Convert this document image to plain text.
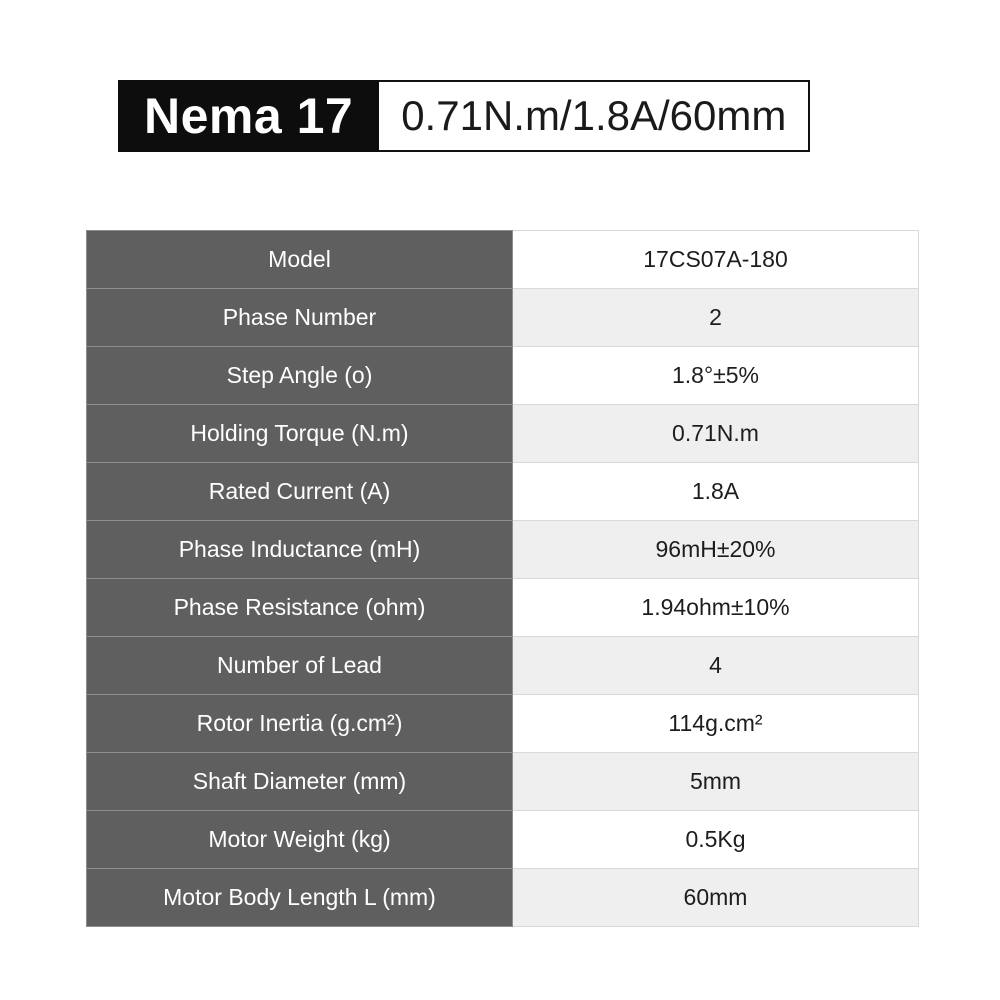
Nema 17	0.71N.m/1.8A/60mm
Model	17CS07A-180
Phase Number	2
Step Angle (o)	1.8°±5%
Holding Torque (N.m)	0.71N.m
Rated Current (A)	1.8A
Phase Inductance (mH)	96mH±20%
Phase Resistance (ohm)	1.94ohm±10%
Number of Lead	4
Rotor Inertia (g.cm²)	114g.cm²
Shaft Diameter (mm)	5mm
Motor Weight (kg)	0.5Kg
Motor Body Length L (mm)	60mm
